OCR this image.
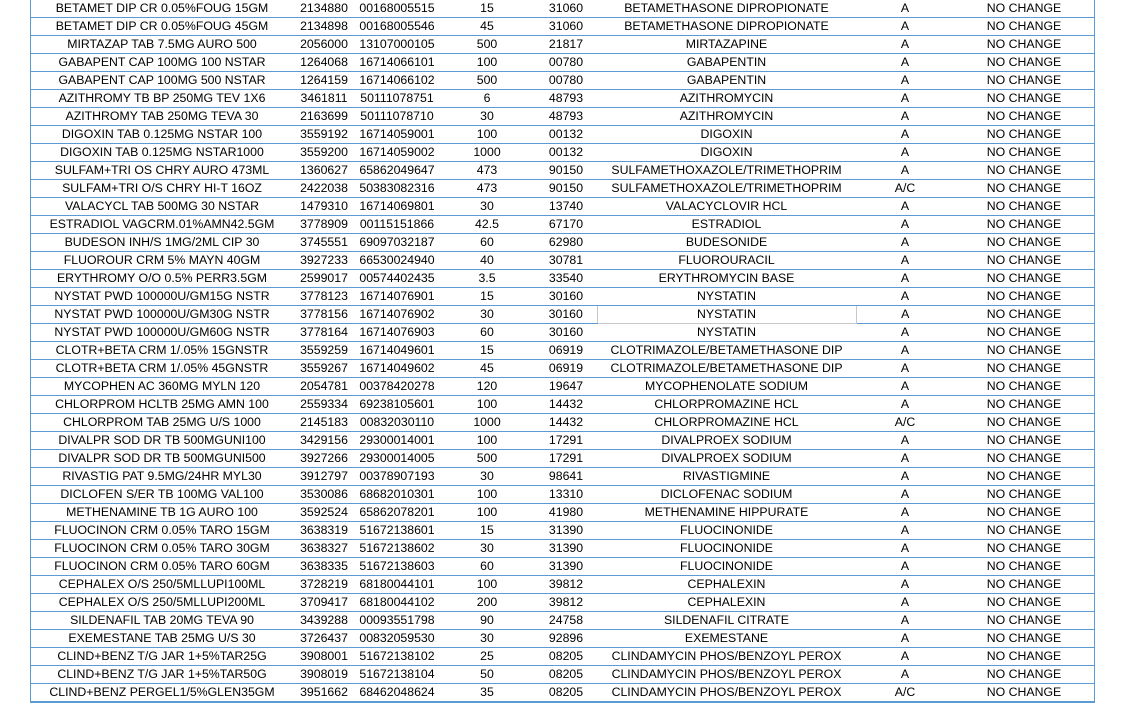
BETAMET DIP CR 0.05%FOUG 15GM	2134880	00168005515	15	31060	BETAMETHASONE DIPROPIONATE	A	NO CHANGE
BETAMET DIP CR 0.05%FOUG 45GM	2134898	00168005546	45	31060	BETAMETHASONE DIPROPIONATE	A	NO CHANGE
MIRTAZAP TAB 7.5MG AURO 500	2056000	13107000105	500	21817	MIRTAZAPINE	A	NO CHANGE
GABAPENT CAP 100MG 100 NSTAR	1264068	16714066101	100	00780	GABAPENTIN	A	NO CHANGE
GABAPENT CAP 100MG 500 NSTAR	1264159	16714066102	500	00780	GABAPENTIN	A	NO CHANGE
AZITHROMY TB BP 250MG TEV 1X6	3461811	50111078751	6	48793	AZITHROMYCIN	A	NO CHANGE
AZITHROMY TAB 250MG TEVA 30	2163699	50111078710	30	48793	AZITHROMYCIN	A	NO CHANGE
DIGOXIN TAB 0.125MG NSTAR 100	3559192	16714059001	100	00132	DIGOXIN	A	NO CHANGE
DIGOXIN TAB 0.125MG NSTAR1000	3559200	16714059002	1000	00132	DIGOXIN	A	NO CHANGE
SULFAM+TRI OS CHRY AURO 473ML	1360627	65862049647	473	90150	SULFAMETHOXAZOLE/TRIMETHOPRIM	A	NO CHANGE
SULFAM+TRI O/S CHRY HI-T 16OZ	2422038	50383082316	473	90150	SULFAMETHOXAZOLE/TRIMETHOPRIM	A/C	NO CHANGE
VALACYCL TAB 500MG 30 NSTAR	1479310	16714069801	30	13740	VALACYCLOVIR HCL	A	NO CHANGE
ESTRADIOL VAGCRM.01%AMN42.5GM	3778909	00115151866	42.5	67170	ESTRADIOL	A	NO CHANGE
BUDESON INH/S 1MG/2ML CIP 30	3745551	69097032187	60	62980	BUDESONIDE	A	NO CHANGE
FLUOROUR CRM 5% MAYN 40GM	3927233	66530024940	40	30781	FLUOROURACIL	A	NO CHANGE
ERYTHROMY O/O 0.5% PERR3.5GM	2599017	00574402435	3.5	33540	ERYTHROMYCIN BASE	A	NO CHANGE
NYSTAT PWD 100000U/GM15G NSTR	3778123	16714076901	15	30160	NYSTATIN	A	NO CHANGE
NYSTAT PWD 100000U/GM30G NSTR	3778156	16714076902	30	30160	NYSTATIN	A	NO CHANGE
NYSTAT PWD 100000U/GM60G NSTR	3778164	16714076903	60	30160	NYSTATIN	A	NO CHANGE
CLOTR+BETA CRM 1/.05% 15GNSTR	3559259	16714049601	15	06919	CLOTRIMAZOLE/BETAMETHASONE DIP	A	NO CHANGE
CLOTR+BETA CRM 1/.05% 45GNSTR	3559267	16714049602	45	06919	CLOTRIMAZOLE/BETAMETHASONE DIP	A	NO CHANGE
MYCOPHEN AC 360MG MYLN 120	2054781	00378420278	120	19647	MYCOPHENOLATE SODIUM	A	NO CHANGE
CHLORPROM HCLTB 25MG AMN 100	2559334	69238105601	100	14432	CHLORPROMAZINE HCL	A	NO CHANGE
CHLORPROM TAB 25MG U/S 1000	2145183	00832030110	1000	14432	CHLORPROMAZINE HCL	A/C	NO CHANGE
DIVALPR SOD DR TB 500MGUNI100	3429156	29300014001	100	17291	DIVALPROEX SODIUM	A	NO CHANGE
DIVALPR SOD DR TB 500MGUNI500	3927266	29300014005	500	17291	DIVALPROEX SODIUM	A	NO CHANGE
RIVASTIG PAT 9.5MG/24HR MYL30	3912797	00378907193	30	98641	RIVASTIGMINE	A	NO CHANGE
DICLOFEN S/ER TB 100MG VAL100	3530086	68682010301	100	13310	DICLOFENAC SODIUM	A	NO CHANGE
METHENAMINE TB 1G AURO 100	3592524	65862078201	100	41980	METHENAMINE HIPPURATE	A	NO CHANGE
FLUOCINON CRM 0.05% TARO 15GM	3638319	51672138601	15	31390	FLUOCINONIDE	A	NO CHANGE
FLUOCINON CRM 0.05% TARO 30GM	3638327	51672138602	30	31390	FLUOCINONIDE	A	NO CHANGE
FLUOCINON CRM 0.05% TARO 60GM	3638335	51672138603	60	31390	FLUOCINONIDE	A	NO CHANGE
CEPHALEX O/S 250/5MLLUPI100ML	3728219	68180044101	100	39812	CEPHALEXIN	A	NO CHANGE
CEPHALEX O/S 250/5MLLUPI200ML	3709417	68180044102	200	39812	CEPHALEXIN	A	NO CHANGE
SILDENAFIL TAB 20MG TEVA 90	3439288	00093551798	90	24758	SILDENAFIL CITRATE	A	NO CHANGE
EXEMESTANE TAB 25MG U/S 30	3726437	00832059530	30	92896	EXEMESTANE	A	NO CHANGE
CLIND+BENZ T/G JAR 1+5%TAR25G	3908001	51672138102	25	08205	CLINDAMYCIN PHOS/BENZOYL PEROX	A	NO CHANGE
CLIND+BENZ T/G JAR 1+5%TAR50G	3908019	51672138104	50	08205	CLINDAMYCIN PHOS/BENZOYL PEROX	A	NO CHANGE
CLIND+BENZ PERGEL1/5%GLEN35GM	3951662	68462048624	35	08205	CLINDAMYCIN PHOS/BENZOYL PEROX	A/C	NO CHANGE
